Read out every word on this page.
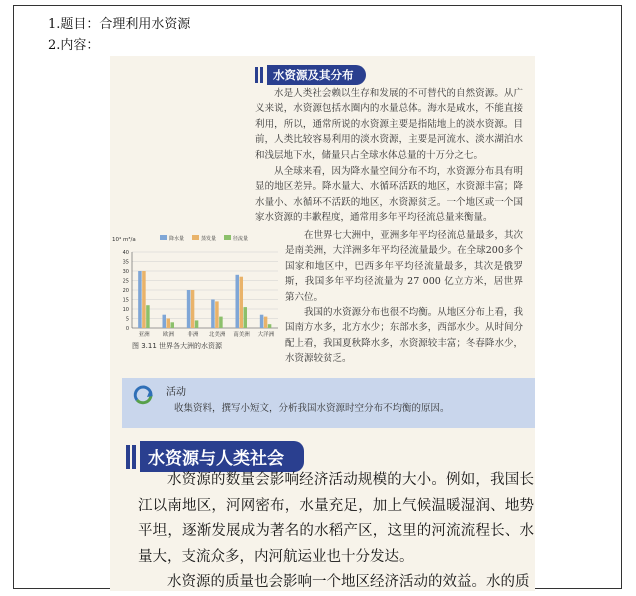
1.题目：合理利用水资源
2.内容：
水资源及其分布
水是人类社会赖以生存和发展的不可替代的自然资源。从广义来说，水资源包括水圈内的水量总体。海水是咸水，不能直接利用，所以，通常所说的水资源主要是指陆地上的淡水资源。目前，人类比较容易利用的淡水资源，主要是河流水、淡水湖泊水和浅层地下水，储量只占全球水体总量的十万分之七。
从全球来看，因为降水量空间分布不均，水资源分布具有明显的地区差异。降水量大、水循环活跃的地区，水资源丰富；降水量小、水循环不活跃的地区，水资源贫乏。一个地区或一个国家水资源的丰歉程度，通常用多年平均径流总量来衡量。
在世界七大洲中，亚洲多年平均径流总量最多，其次是南美洲，大洋洲多年平均径流量最少。在全球200多个国家和地区中，巴西多年平均径流量最多，其次是俄罗斯，我国多年平均径流量为 27 000 亿立方米，居世界第六位。
我国的水资源分布也很不均衡。从地区分布上看，我国南方水多，北方水少；东部水多，西部水少。从时间分配上看，我国夏秋降水多，水资源较丰富；冬春降水少，水资源较贫乏。
10⁴ m³/a
0
5
10
15
20
25
30
35
40
降水量	蒸发量	径流量
亚洲 欧洲 非洲 北美洲 南美洲 大洋洲
图 3.11 世界各大洲的水资源
活动
收集资料，撰写小短文，分析我国水资源时空分布不均衡的原因。
水资源与人类社会
水资源的数量会影响经济活动规模的大小。例如，我国长江以南地区，河网密布，水量充足，加上气候温暖湿润、地势平坦，逐渐发展成为著名的水稻产区，这里的河流流程长、水量大，支流众多，内河航运业也十分发达。
水资源的质量也会影响一个地区经济活动的效益。水的质
